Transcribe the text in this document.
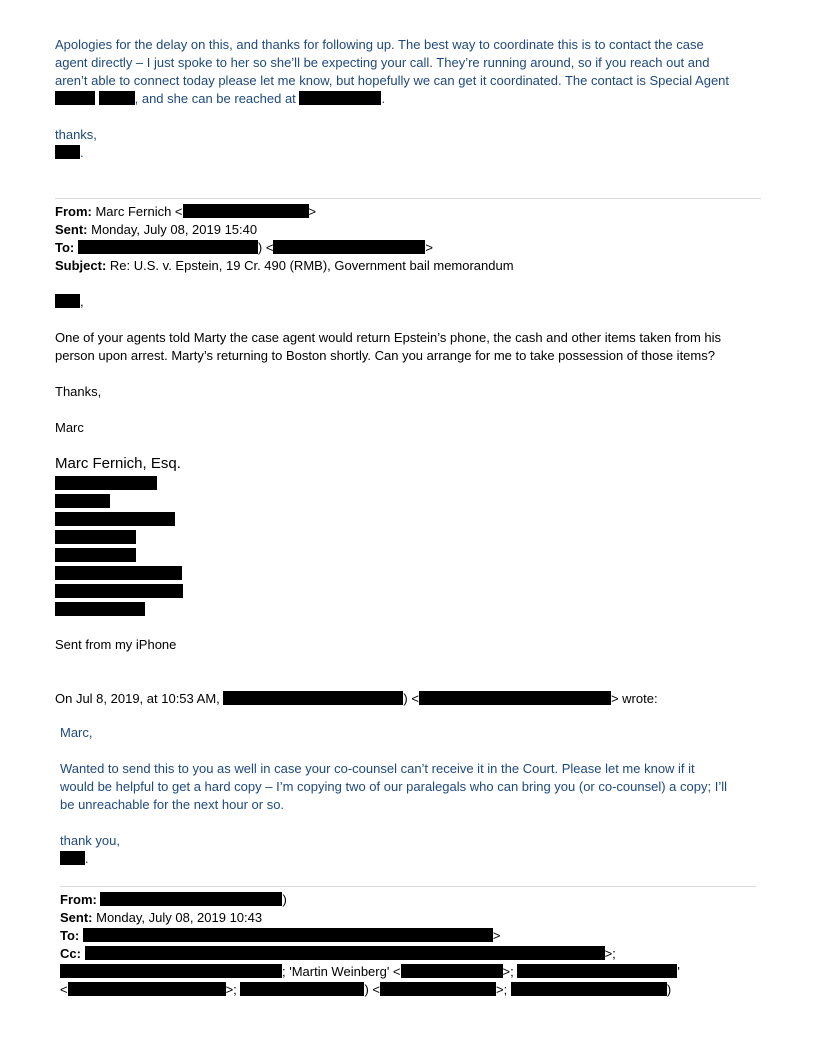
Apologies for the delay on this, and thanks for following up. The best way to coordinate this is to contact the case
agent directly – I just spoke to her so she’ll be expecting your call. They’re running around, so if you reach out and
aren’t able to connect today please let me know, but hopefully we can get it coordinated. The contact is Special Agent
, and she can be reached at	.
thanks,
.
From: Marc Fernich <	>
Sent: Monday, July 08, 2019 15:40
To:	) <	>
Subject: Re: U.S. v. Epstein, 19 Cr. 490 (RMB), Government bail memorandum
,
One of your agents told Marty the case agent would return Epstein’s phone, the cash and other items taken from his
person upon arrest. Marty’s returning to Boston shortly. Can you arrange for me to take possession of those items?
Thanks,
Marc
Marc Fernich, Esq.
Sent from my iPhone
On Jul 8, 2019, at 10:53 AM,	) <	> wrote:
Marc,
Wanted to send this to you as well in case your co-counsel can’t receive it in the Court. Please let me know if it
would be helpful to get a hard copy – I’m copying two of our paralegals who can bring you (or co-counsel) a copy; I’ll
be unreachable for the next hour or so.
thank you,
.
From:	)
Sent: Monday, July 08, 2019 10:43
To:	>
Cc:	>;
; 'Martin Weinberg' <	>;	'
<	>;	) <	>;	)
